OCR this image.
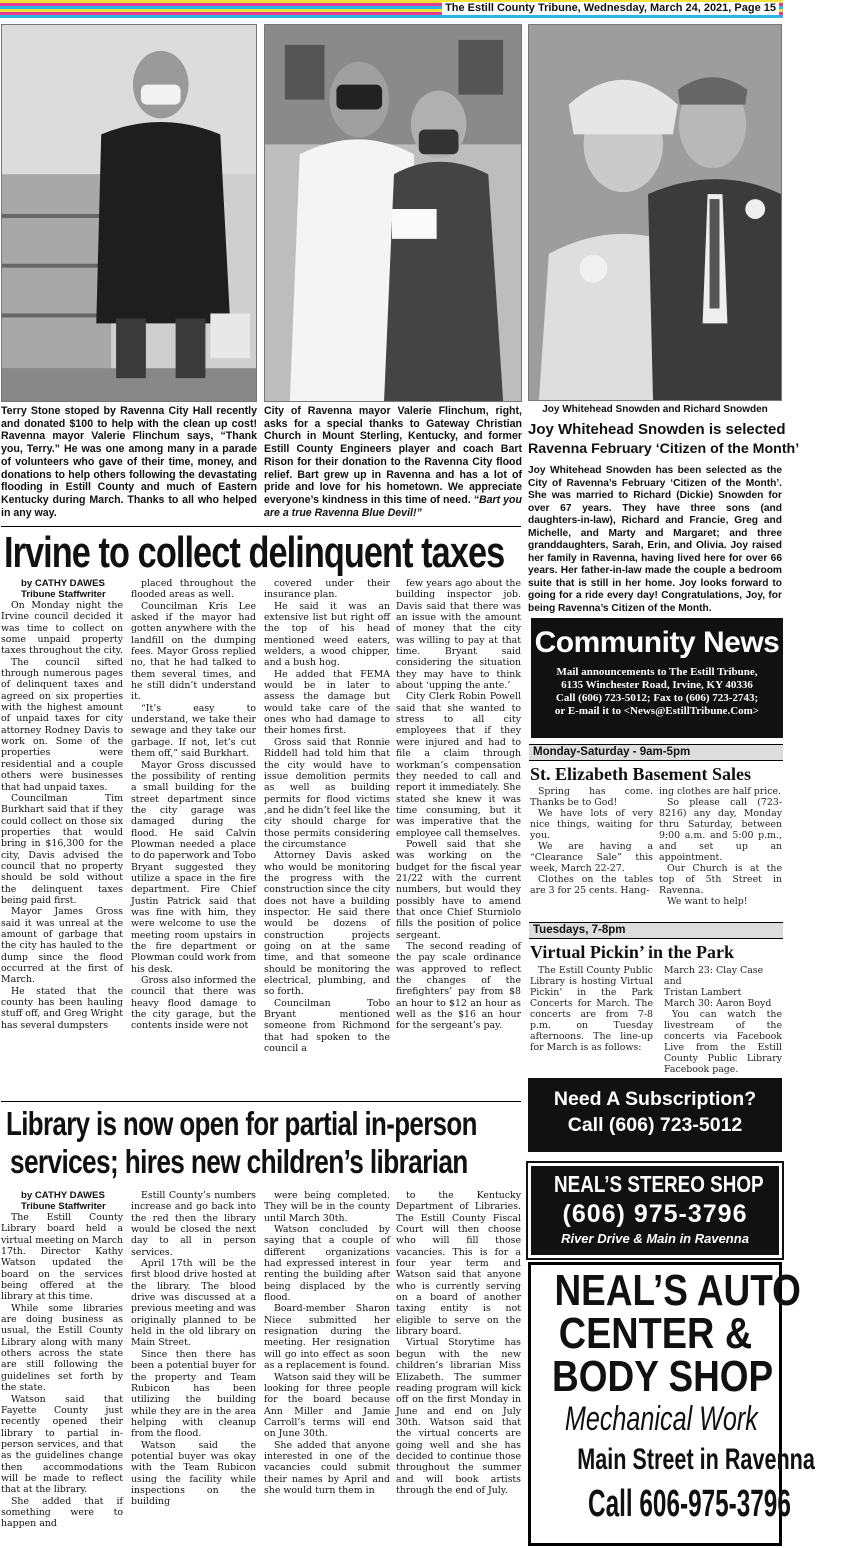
The Estill County Tribune, Wednesday, March 24, 2021, Page 15
Terry Stone stoped by Ravenna City Hall recently and donated $100 to help with the clean up cost! Ravenna mayor Valerie Flinchum says, “Thank you, Terry.” He was one among many in a parade of volunteers who gave of their time, money, and donations to help others following the devastating flooding in Estill County and much of Eastern Kentucky during March. Thanks to all who helped in any way.
City of Ravenna mayor Valerie Flinchum, right, asks for a special thanks to Gateway Christian Church in Mount Sterling, Kentucky, and former Estill County Engineers player and coach Bart Rison for their donation to the Ravenna City flood relief. Bart grew up in Ravenna and has a lot of pride and love for his hometown. We appreciate everyone’s kindness in this time of need. “Bart you are a true Ravenna Blue Devil!”
Joy Whitehead Snowden and Richard Snowden
Joy Whitehead Snowden is selected
Ravenna February ‘Citizen of the Month’
Joy Whitehead Snowden has been selected as the City of Ravenna’s February ‘Citizen of the Month’. She was married to Richard (Dickie) Snowden for over 67 years. They have three sons (and daughters-in-law), Richard and Francie, Greg and Michelle, and Marty and Margaret; and three granddaughters, Sarah, Erin, and Olivia. Joy raised her family in Ravenna, having lived here for over 66 years. Her father-in-law made the couple a bedroom suite that is still in her home. Joy looks forward to going for a ride every day! Congratulations, Joy, for being Ravenna’s Citizen of the Month.
Irvine to collect delinquent taxes

by CATHY DAWES

Tribune Staffwriter

On Monday night the Irvine council decided it was time to collect on some unpaid property taxes throughout the city.

The council sifted through numerous pages of delinquent taxes and agreed on six properties with the highest amount of unpaid taxes for city attorney Rodney Davis to work on. Some of the properties were residential and a couple others were businesses that had unpaid taxes.

Councilman Tim Burkhart said that if they could collect on those six properties that would bring in $16,300 for the city, Davis advised the council that no property should be sold without the delinquent taxes being paid first.

Mayor James Gross said it was unreal at the amount of garbage that the city has hauled to the dump since the flood occurred at the first of March.

He stated that the county has been hauling stuff off, and Greg Wright has several dumpsters

placed throughout the flooded areas as well.

Councilman Kris Lee asked if the mayor had gotten anywhere with the landfill on the dumping fees. Mayor Gross replied no, that he had talked to them several times, and he still didn’t understand it.

“It’s easy to understand, we take their sewage and they take our garbage. If not, let’s cut them off,” said Burkhart.

Mayor Gross discussed the possibility of renting a small building for the street department since the city garage was damaged during the flood. He said Calvin Plowman needed a place to do paperwork and Tobo Bryant suggested they utilize a space in the fire department. Fire Chief Justin Patrick said that was fine with him, they were welcome to use the meeting room upstairs in the fire department or Plowman could work from his desk.

Gross also informed the council that there was heavy flood damage to the city garage, but the contents inside were not

covered under their insurance plan.

He said it was an extensive list but right off the top of his head mentioned weed eaters, welders, a wood chipper, and a bush hog.

He added that FEMA would be in later to assess the damage but would take care of the ones who had damage to their homes first.

Gross said that Ronnie Riddell had told him that the city would have to issue demolition permits as well as building permits for flood victims ,and he didn’t feel like the city should charge for those permits considering the circumstance

Attorney Davis asked who would be monitoring the progress with the construction since the city does not have a building inspector. He said there would be dozens of construction projects going on at the same time, and that someone should be monitoring the electrical, plumbing, and so forth.

Councilman Tobo Bryant mentioned someone from Richmond that had spoken to the council a

few years ago about the building inspector job. Davis said that there was an issue with the amount of money that the city was willing to pay at that time. Bryant said considering the situation they may have to think about ‘upping the ante.’

City Clerk Robin Powell said that she wanted to stress to all city employees that if they were injured and had to file a claim through workman’s compensation they needed to call and report it immediately. She stated she knew it was time consuming, but it was imperative that the employee call themselves.

Powell said that she was working on the budget for the fiscal year 21/22 with the current numbers, but would they possibly have to amend that once Chief Sturniolo fills the position of police sergeant.

The second reading of the pay scale ordinance was approved to reflect the changes of the firefighters’ pay from $8 an hour to $12 an hour as well as the $16 an hour for the sergeant’s pay.

Library is now open for partial in-person
services; hires new children’s librarian

by CATHY DAWES

Tribune Staffwriter

The Estill County Library board held a virtual meeting on March 17th. Director Kathy Watson updated the board on the services being offered at the library at this time.

While some libraries are doing business as usual, the Estill County Library along with many others across the state are still following the guidelines set forth by the state.

Watson said that Fayette County just recently opened their library to partial in-person services, and that as the guidelines change then accommodations will be made to reflect that at the library.

She added that if something were to happen and

Estill County’s numbers increase and go back into the red then the library would be closed the next day to all in person services.

April 17th will be the first blood drive hosted at the library. The blood drive was discussed at a previous meeting and was originally planned to be held in the old library on Main Street.

Since then there has been a potential buyer for the property and Team Rubicon has been utilizing the building while they are in the area helping with cleanup from the flood.

Watson said the potential buyer was okay with the Team Rubicon using the facility while inspections on the building

were being completed. They will be in the county until March 30th.

Watson concluded by saying that a couple of different organizations had expressed interest in renting the building after being displaced by the flood.

Board-member Sharon Niece submitted her resignation during the meeting. Her resignation will go into effect as soon as a replacement is found.

Watson said they will be looking for three people for the board because Ann Miller and Jamie Carroll’s terms will end on June 30th.

She added that anyone interested in one of the vacancies could submit their names by April and she would turn them in

to the Kentucky Department of Libraries. The Estill County Fiscal Court will then choose who will fill those vacancies. This is for a four year term and Watson said that anyone who is currently serving on a board of another taxing entity is not eligible to serve on the library board.

Virtual Storytime has begun with the new children’s librarian Miss Elizabeth. The summer reading program will kick off on the first Monday in June and end on July 30th. Watson said that the virtual concerts are going well and she has decided to continue those throughout the summer and will book artists through the end of July.

Community News
Mail announcements to The Estill Tribune,
6135 Winchester Road, Irvine, KY 40336
Call (606) 723-5012; Fax to (606) 723-2743;
or E-mail it to <News@EstillTribune.Com>
Monday-Saturday - 9am-5pm
St. Elizabeth Basement Sales

Spring has come. Thanks be to God!

We have lots of very nice things, waiting for you.

We are having a “Clearance Sale” this week, March 22-27.

Clothes on the tables are 3 for 25 cents. Hang-

ing clothes are half price.

So please call (723-8216) any day, Monday thru Saturday, between 9:00 a.m. and 5:00 p.m., and set up an appointment.

Our Church is at the top of 5th Street in Ravenna.

We want to help!

Tuesdays, 7-8pm
Virtual Pickin’ in the Park

The Estill County Public Library is hosting Virtual Pickin’ in the Park Concerts for March. The concerts are from 7-8 p.m. on Tuesday afternoons. The line-up for March is as follows:

March 23: Clay Case and
Tristan Lambert
March 30: Aaron Boyd

You can watch the livestream of the concerts via Facebook Live from the Estill County Public Library Facebook page.

Need A Subscription?
Call (606) 723-5012
NEAL’S STEREO SHOP
(606) 975-3796
River Drive & Main in Ravenna
NEAL’S AUTO
CENTER &
BODY SHOP
Mechanical Work
Main Street in Ravenna
Call 606-975-3796
